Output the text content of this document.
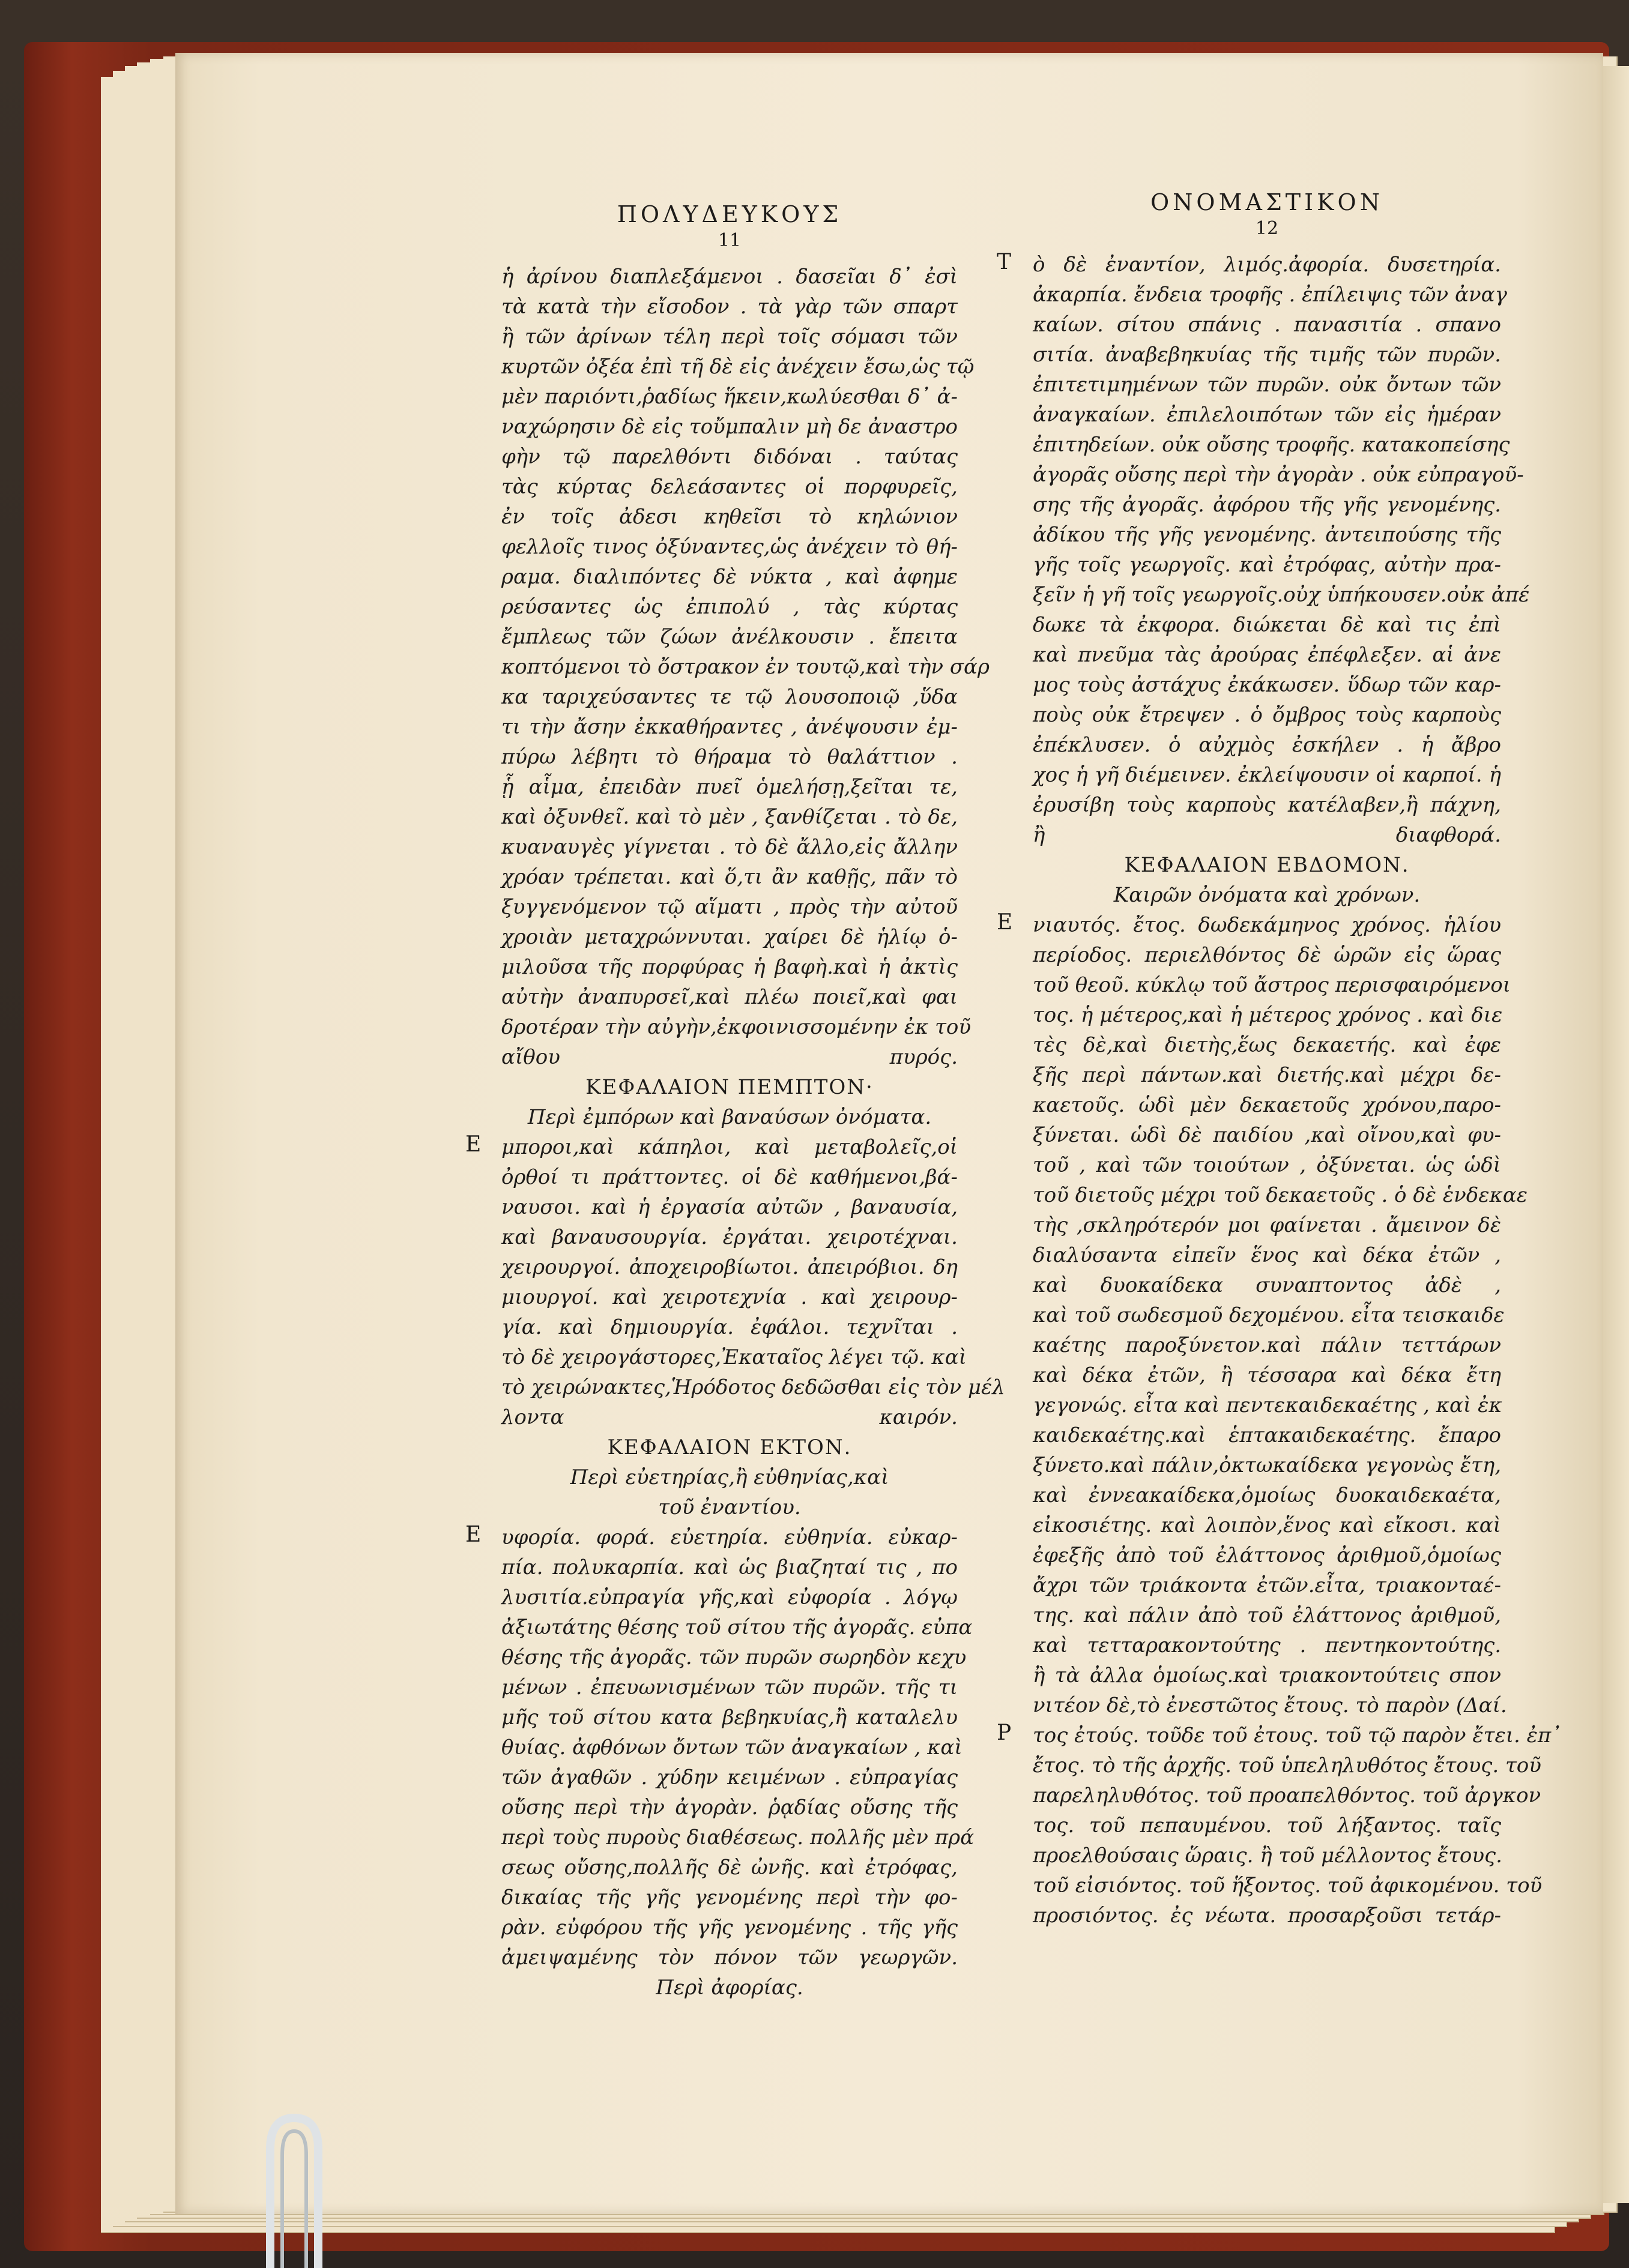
ΠΟΛΥΔΕΥΚΟΥΣ
11
ἡ ἀρίνου διαπλεξάμενοι . δασεῖαι δ᾽ ἐσὶ
τὰ κατὰ τὴν εἴσοδον . τὰ γὰρ τῶν σπαρτ
ἢ τῶν ἀρίνων τέλη περὶ τοῖς σόμασι τῶν
κυρτῶν ὀξέα ἐπὶ τῆ δὲ εἰς ἀνέχειν ἔσω,ὡς τῷ
μὲν παριόντι,ῥαδίως ἥκειν,κωλύεσθαι δ᾽ ἀ-
ναχώρησιν δὲ εἰς τοὔμπαλιν μὴ δε ἀναστρο
φὴν τῷ παρελθόντι διδόναι . ταύτας
τὰς κύρτας δελεάσαντες οἱ πορφυρεῖς,
ἐν τοῖς ἀδεσι κηθεῖσι τὸ κηλώνιον
φελλοῖς τινος ὀξύναντες,ὡς ἀνέχειν τὸ θή-
ραμα. διαλιπόντες δὲ νύκτα , καὶ ἀφημε
ρεύσαντες ὡς ἐπιπολύ , τὰς κύρτας
ἔμπλεως τῶν ζώων ἀνέλκουσιν . ἔπειτα
κοπτόμενοι τὸ ὄστρακον ἐν τουτῷ,καὶ τὴν σάρ
κα ταριχεύσαντες τε τῷ λουσοποιῷ ,ὕδα
τι τὴν ἄσην ἐκκαθήραντες , ἀνέψουσιν ἐμ-
πύρω λέβητι τὸ θήραμα τὸ θαλάττιον .
ᾗ αἷμα, ἐπειδὰν πυεῖ ὁμελήσῃ,ξεῖται τε,
καὶ ὀξυνθεῖ. καὶ τὸ μὲν , ξανθίζεται . τὸ δε,
κυαναυγὲς γίγνεται . τὸ δὲ ἄλλο,εἰς ἄλλην
χρόαν τρέπεται. καὶ ὅ,τι ἂν καθῇς, πᾶν τὸ
ξυγγενόμενον τῷ αἵματι , πρὸς τὴν αὐτοῦ
χροιὰν μεταχρώννυται. χαίρει δὲ ἡλίῳ ὁ-
μιλοῦσα τῆς πορφύρας ἡ βαφὴ.καὶ ἡ ἀκτὶς
αὐτὴν ἀναπυρσεῖ,καὶ πλέω ποιεῖ,καὶ φαι
δροτέραν τὴν αὐγὴν,ἐκφοινισσομένην ἐκ τοῦ
αἴθου πυρός.
ΚΕΦΑΛΑΙΟΝ ΠΕΜΠΤΟΝ·
Περὶ ἐμπόρων καὶ βαναύσων ὀνόματα.
Ε μποροι,καὶ κάπηλοι, καὶ μεταβολεῖς,οἱ
ὀρθοί τι πράττοντες. οἱ δὲ καθήμενοι,βά-
ναυσοι. καὶ ἡ ἐργασία αὐτῶν , βαναυσία,
καὶ βαναυσουργία. ἐργάται. χειροτέχναι.
χειρουργοί. ἀποχειροβίωτοι. ἀπειρόβιοι. δη
μιουργοί. καὶ χειροτεχνία . καὶ χειρουρ-
γία. καὶ δημιουργία. ἐφάλοι. τεχνῖται .
τὸ δὲ χειρογάστορες,Ἐκαταῖος λέγει τῷ. καὶ
τὸ χειρώνακτες,Ἡρόδοτος δεδῶσθαι εἰς τὸν μέλ
λοντα καιρόν.
ΚΕΦΑΛΑΙΟΝ ΕΚΤΟΝ.
Περὶ εὐετηρίας,ἢ εὐθηνίας,καὶ
τοῦ ἐναντίου.
Ε υφορία. φορά. εὐετηρία. εὐθηνία. εὐκαρ-
πία. πολυκαρπία. καὶ ὡς βιαζηταί τις , πο
λυσιτία.εὐπραγία γῆς,καὶ εὐφορία . λόγῳ
ἀξιωτάτης θέσης τοῦ σίτου τῆς ἀγορᾶς. εὐπα
θέσης τῆς ἀγορᾶς. τῶν πυρῶν σωρηδὸν κεχυ
μένων . ἐπευωνισμένων τῶν πυρῶν. τῆς τι
μῆς τοῦ σίτου κατα βεβηκυίας,ἢ καταλελυ
θυίας. ἀφθόνων ὄντων τῶν ἀναγκαίων , καὶ
τῶν ἀγαθῶν . χύδην κειμένων . εὐπραγίας
οὔσης περὶ τὴν ἀγορὰν. ῥᾳδίας οὔσης τῆς
περὶ τοὺς πυροὺς διαθέσεως. πολλῆς μὲν πρά
σεως οὔσης,πολλῆς δὲ ὠνῆς. καὶ ἐτρόφας,
δικαίας τῆς γῆς γενομένης περὶ τὴν φο-
ρὰν. εὐφόρου τῆς γῆς γενομένης . τῆς γῆς
ἀμειψαμένης τὸν πόνον τῶν γεωργῶν.
Περὶ ἀφορίας.
ΟΝΟΜΑΣΤΙΚΟΝ
12
Τ ὸ δὲ ἐναντίον, λιμός.ἀφορία. δυσετηρία.
ἀκαρπία. ἔνδεια τροφῆς . ἐπίλειψις τῶν ἀναγ
καίων. σίτου σπάνις . πανασιτία . σπανο
σιτία. ἀναβεβηκυίας τῆς τιμῆς τῶν πυρῶν.
ἐπιτετιμημένων τῶν πυρῶν. οὐκ ὄντων τῶν
ἀναγκαίων. ἐπιλελοιπότων τῶν εἰς ἡμέραν
ἐπιτηδείων. οὐκ οὔσης τροφῆς. κατακοπείσης
ἀγορᾶς οὔσης περὶ τὴν ἀγορὰν . οὐκ εὐπραγοῦ-
σης τῆς ἀγορᾶς. ἀφόρου τῆς γῆς γενομένης.
ἀδίκου τῆς γῆς γενομένης. ἀντειπούσης τῆς
γῆς τοῖς γεωργοῖς. καὶ ἐτρόφας, αὐτὴν πρα-
ξεῖν ἡ γῆ τοῖς γεωργοῖς.οὐχ ὑπήκουσεν.οὐκ ἀπέ
δωκε τὰ ἐκφορα. διώκεται δὲ καὶ τις ἐπὶ
καὶ πνεῦμα τὰς ἀρούρας ἐπέφλεξεν. αἱ ἀνε
μος τοὺς ἀστάχυς ἐκάκωσεν. ὕδωρ τῶν καρ-
ποὺς οὐκ ἔτρεψεν . ὁ ὄμβρος τοὺς καρποὺς
ἐπέκλυσεν. ὁ αὐχμὸς ἐσκήλεν . ἡ ἄβρο
χος ἡ γῆ διέμεινεν. ἐκλείψουσιν οἱ καρποί. ἡ
ἐρυσίβη τοὺς καρποὺς κατέλαβεν,ἢ πάχνη,
ἢ διαφθορά.
ΚΕΦΑΛΑΙΟΝ ΕΒΔΟΜΟΝ.
Καιρῶν ὀνόματα καὶ χρόνων.
Ε νιαυτός. ἔτος. δωδεκάμηνος χρόνος. ἡλίου
περίοδος. περιελθόντος δὲ ὡρῶν εἰς ὥρας
τοῦ θεοῦ. κύκλῳ τοῦ ἄστρος περισφαιρόμενοι
τος. ἡ μέτερος,καὶ ἡ μέτερος χρόνος . καὶ διε
τὲς δὲ,καὶ διετὴς,ἕως δεκαετής. καὶ ἐφε
ξῆς περὶ πάντων.καὶ διετής.καὶ μέχρι δε-
καετοῦς. ὡδὶ μὲν δεκαετοῦς χρόνου,παρο-
ξύνεται. ὡδὶ δὲ παιδίου ,καὶ οἴνου,καὶ φυ-
τοῦ , καὶ τῶν τοιούτων , ὀξύνεται. ὡς ὡδὶ
τοῦ διετοῦς μέχρι τοῦ δεκαετοῦς . ὁ δὲ ἑνδεκαε
τὴς ,σκληρότερόν μοι φαίνεται . ἄμεινον δὲ
διαλύσαντα εἰπεῖν ἕνος καὶ δέκα ἐτῶν ,
καὶ δυοκαίδεκα συναπτοντος ἀδὲ ,
καὶ τοῦ σωδεσμοῦ δεχομένου. εἶτα τεισκαιδε
καέτης παροξύνετον.καὶ πάλιν τεττάρων
καὶ δέκα ἐτῶν, ἢ τέσσαρα καὶ δέκα ἔτη
γεγονώς. εἶτα καὶ πεντεκαιδεκαέτης , καὶ ἐκ
καιδεκαέτης.καὶ ἑπτακαιδεκαέτης. ἔπαρο
ξύνετο.καὶ πάλιν,ὀκτωκαίδεκα γεγονὼς ἔτη,
καὶ ἐννεακαίδεκα,ὁμοίως δυοκαιδεκαέτα,
εἰκοσιέτης. καὶ λοιπὸν,ἕνος καὶ εἴκοσι. καὶ
ἐφεξῆς ἀπὸ τοῦ ἐλάττονος ἀριθμοῦ,ὁμοίως
ἄχρι τῶν τριάκοντα ἐτῶν.εἶτα, τριακονταέ-
της. καὶ πάλιν ἀπὸ τοῦ ἐλάττονος ἀριθμοῦ,
καὶ τετταρακοντούτης . πεντηκοντούτης.
ἢ τὰ ἀλλα ὁμοίως.καὶ τριακοντούτεις σπον
νιτέον δὲ,τὸ ἐνεστῶτος ἔτους. τὸ παρὸν (Δαί.
Ρ τος ἐτούς. τοῦδε τοῦ ἐτους. τοῦ τῷ παρὸν ἔτει. ἐπ᾽
ἔτος. τὸ τῆς ἀρχῆς. τοῦ ὑπεληλυθότος ἔτους. τοῦ
παρεληλυθότος. τοῦ προαπελθόντος. τοῦ ἀργκον
τος. τοῦ πεπαυμένου. τοῦ λήξαντος. ταῖς
προελθούσαις ὥραις. ἢ τοῦ μέλλοντος ἔτους.
τοῦ εἰσιόντος. τοῦ ἥξοντος. τοῦ ἀφικομένου. τοῦ
προσιόντος. ἐς νέωτα. προσαρξοῦσι τετάρ-
